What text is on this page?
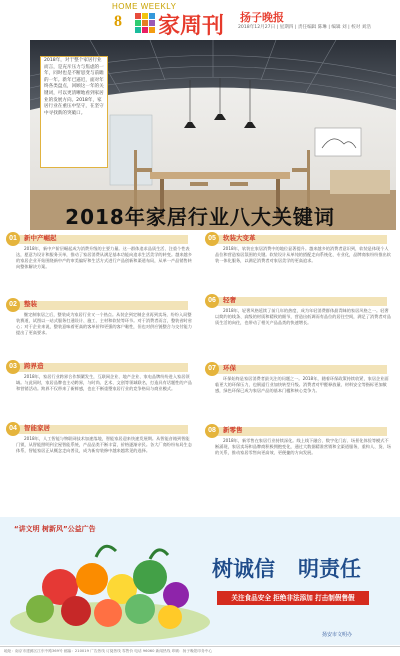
HOME WEEKLY
8 家周刊 扬子晚报
2018年12月27日 | 星期四 | 责任编辑 陈琳 | 编辑 刘 | 校对 刘浩
2018年，对于整个家居行业而言，是充斥压力与焦虑的一年，同时也是不断思变与前瞻的一年。新年已逼近，面对年终各类盘点，回顾这一年的关键词，可以更清晰地看到家居业的发展方向。2018年，家居行业在重压中坚守，在坚守中寻找新的突破口。
2018年家居行业八大关键词
01	新中产崛起
2018年，新中产阶层崛起成为消费升级的主要力量。这一群体追求品质生活、注重个性表达，愿意为设计和服务买单，推动了家居消费从满足基本功能向追求生活美学的转变。越来越多的家居企业开始围绕新中产的审美偏好和生活方式进行产品创新和渠道布局，从单一产品销售转向整体解决方案。
02	整装
继定制家居之后，整装成为家居行业又一个热点。从装企到定制企业再到卖场，纷纷入局整装赛道，试图以一站式服务打通设计、施工、主材和软装等环节。对于消费者而言，整装省时省心；对于企业来说，整装意味着更高的客单价和更强的客户黏性，但也对供应链整合与交付能力提出了更高要求。
03	跨界造
2018年，家居行业跨界合作频繁发生，互联网企业、地产企业、家电品牌纷纷进入家居领域。与此同时，家居品牌也主动跨界，与时尚、艺术、文创等领域联名，打造具有话题性的产品和营销活动。跨界不仅带来了新鲜感，也在不断重塑家居行业的竞争格局与商业模式。
04	智能家居
2018年，人工智能与物联网技术加速落地，智能家居迎来快速发展期。从智能音箱到智能门锁，从智能照明到全屋智能系统，产品品类不断丰富，价格逐渐亲民。各大厂商纷纷布局生态体系，智能家居正从概念走向普及，成为新房装修中越来越常见的选择。
05	软装大变革
2018年，软装在家居消费中的地位显著提升。越来越多的消费者意识到，软装是体现个人品位和营造家居氛围的关键。软装设计从单纯的搭配走向系统化、专业化，品牌商家纷纷推出软装一体化服务，以满足消费者对家居美学的更高追求。
06	轻奢
2018年，轻奢风格延续了前几年的热度，成为年轻消费群体最青睐的家居风格之一。轻奢以简约的线条、高级的材质和精致的细节，营造出低调而有品位的居住空间，满足了消费者对品质生活的向往，也带动了相关产品品类的快速增长。
07	环保
环保始终是家居消费者最关注的问题之一。2018年，随着环保政策持续收紧，家居企业面临更大的环保压力，也倒逼行业加快转型升级。消费者对甲醛释放量、材料安全等指标更加敏感，绿色环保已成为家居产品的基本门槛和核心竞争力。
08	新零售
2018年，新零售在家居行业持续深化。线上线下融合、数字化门店、场景化体验等模式不断涌现，家居卖场和品牌商积极拥抱变化，通过大数据精准营销和全渠道服务，重构人、货、场的关系，推动家居零售向更高效、更便捷的方向发展。
“讲文明 树新风”公益广告
树诚信 明责任
关注食品安全 拒绝非法添加 打击制假售假
扬安市文明办
地址：南京市建邺区江东中路369号 邮编：210019 广告热线 订阅热线 零售价 电话 96060 新闻热线 印刷：扬子晚报印务中心
